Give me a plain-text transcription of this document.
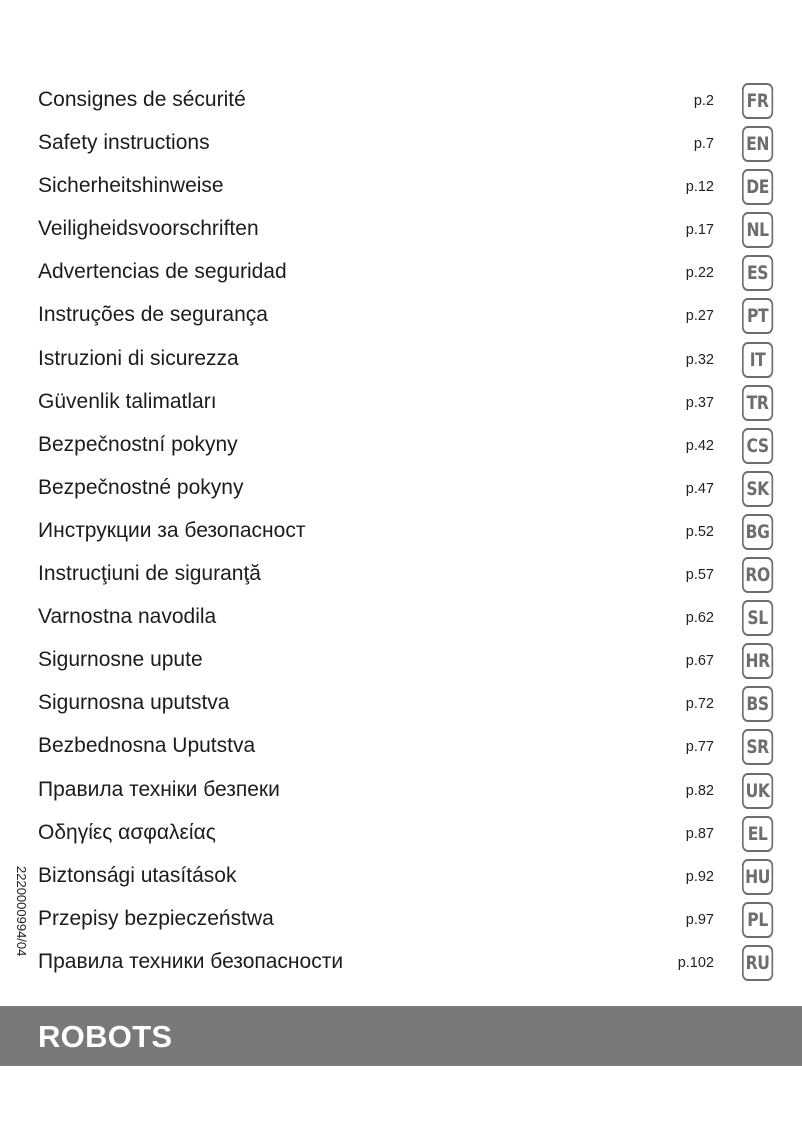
Consignes de sécurité	p.2 FR
Safety instructions	p.7 EN
Sicherheitshinweise	p.12 DE
Veiligheidsvoorschriften	p.17 NL
Advertencias de seguridad	p.22 ES
Instruções de segurança	p.27 PT
Istruzioni di sicurezza	p.32	IT
Güvenlik talimatları	p.37 TR
Bezpečnostní pokyny	p.42 CS
Bezpečnostné pokyny	p.47 SK
Инструкции за безопасност	p.52 BG
Instrucţiuni de siguranţă	p.57 RO
Varnostna navodila	p.62 SL
Sigurnosne upute	p.67 HR
Sigurnosna uputstva	p.72 BS
Bezbednosna Uputstva	p.77 SR
Правила техніки безпеки	p.82 UK
Οδηγίες ασφαλείας	p.87	EL
Biztonsági utasítások	p.92 HU
Przepisy bezpieczeństwa	p.97 PL
Правила техники безопасности	p.102 RU
2220000994/04
ROBOTS
